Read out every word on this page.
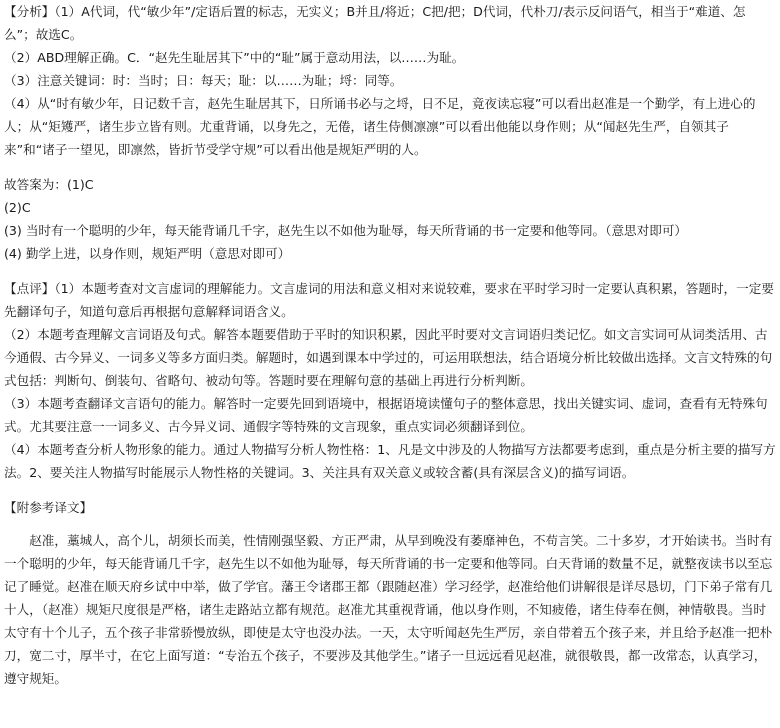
【分析】（1）A代词，代“敏少年”/定语后置的标志，无实义；B并且/将近；C把/把；D代词，代朴刀/表示反问语气，相当于“难道、怎么”；故选C。

（2）ABD理解正确。C．“赵先生耻居其下”中的“耻”属于意动用法，以……为耻。

（3）注意关键词：时：当时；日：每天；耻：以……为耻；埒：同等。

（4）从“时有敏少年，日记数千言，赵先生耻居其下，日所诵书必与之埒，日不足，竟夜读忘寝”可以看出赵准是一个勤学，有上进心的人；从“矩矱严，诸生步立皆有则。尤重背诵，以身先之，无倦，诸生侍侧凛凛”可以看出他能以身作则；从“闻赵先生严，自领其子来”和“诸子一望见，即凛然，皆折节受学守规”可以看出他是规矩严明的人。

故答案为：(1)C

(2)C

(3) 当时有一个聪明的少年，每天能背诵几千字，赵先生以不如他为耻辱，每天所背诵的书一定要和他等同。（意思对即可）

(4) 勤学上进，以身作则，规矩严明（意思对即可）

【点评】（1）本题考查对文言虚词的理解能力。文言虚词的用法和意义相对来说较难，要求在平时学习时一定要认真积累，答题时，一定要先翻译句子，知道句意后再根据句意解释词语含义。

（2）本题考查理解文言词语及句式。解答本题要借助于平时的知识积累，因此平时要对文言词语归类记忆。如文言实词可从词类活用、古今通假、古今异义、一词多义等多方面归类。解题时，如遇到课本中学过的，可运用联想法，结合语境分析比较做出选择。文言文特殊的句式包括：判断句、倒装句、省略句、被动句等。答题时要在理解句意的基础上再进行分析判断。

（3）本题考查翻译文言语句的能力。解答时一定要先回到语境中，根据语境读懂句子的整体意思，找出关键实词、虚词，查看有无特殊句式。尤其要注意一一词多义、古今异义词、通假字等特殊的文言现象，重点实词必须翻译到位。

（4）本题考查分析人物形象的能力。通过人物描写分析人物性格：1、凡是文中涉及的人物描写方法都要考虑到，重点是分析主要的描写方法。2、要关注人物描写时能展示人物性格的关键词。3、关注具有双关意义或较含蓄(具有深层含义)的描写词语。

【附参考译文】

赵准，藁城人，高个儿，胡须长而美，性情刚强坚毅、方正严肃，从早到晚没有萎靡神色，不苟言笑。二十多岁，才开始读书。当时有一个聪明的少年，每天能背诵几千字，赵先生以不如他为耻辱，每天所背诵的书一定要和他等同。白天背诵的数量不足，就整夜读书以至忘记了睡觉。赵准在顺天府乡试中中举，做了学官。藩王令诸郡王都（跟随赵准）学习经学，赵准给他们讲解很是详尽恳切，门下弟子常有几十人，（赵准）规矩尺度很是严格，诸生走路站立都有规范。赵准尤其重视背诵，他以身作则，不知疲倦，诸生侍奉在侧，神情敬畏。当时太守有十个儿子，五个孩子非常骄慢放纵，即使是太守也没办法。一天，太守听闻赵先生严厉，亲自带着五个孩子来，并且给予赵准一把朴刀，宽二寸，厚半寸，在它上面写道：“专治五个孩子，不要涉及其他学生。”诸子一旦远远看见赵准，就很敬畏，都一改常态，认真学习，遵守规矩。
